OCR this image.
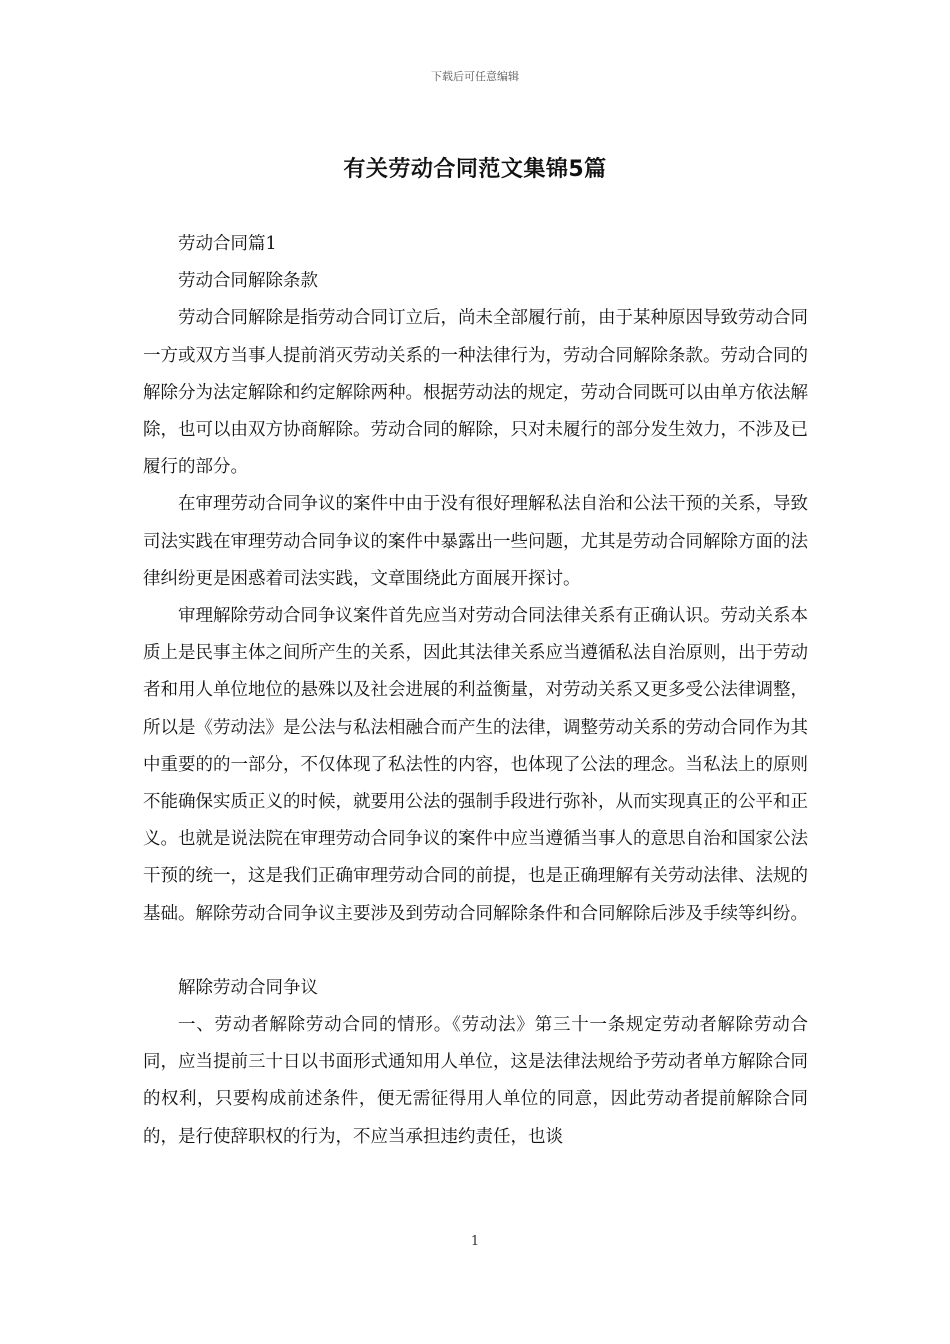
下载后可任意编辑
有关劳动合同范文集锦5篇

劳动合同篇1

劳动合同解除条款

劳动合同解除是指劳动合同订立后，尚未全部履行前，由于某种原因导致劳动合同一方或双方当事人提前消灭劳动关系的一种法律行为，劳动合同解除条款。劳动合同的解除分为法定解除和约定解除两种。根据劳动法的规定，劳动合同既可以由单方依法解除，也可以由双方协商解除。劳动合同的解除，只对未履行的部分发生效力，不涉及已履行的部分。

在审理劳动合同争议的案件中由于没有很好理解私法自治和公法干预的关系，导致司法实践在审理劳动合同争议的案件中暴露出一些问题，尤其是劳动合同解除方面的法律纠纷更是困惑着司法实践，文章围绕此方面展开探讨。

审理解除劳动合同争议案件首先应当对劳动合同法律关系有正确认识。劳动关系本质上是民事主体之间所产生的关系，因此其法律关系应当遵循私法自治原则，出于劳动者和用人单位地位的悬殊以及社会进展的利益衡量，对劳动关系又更多受公法律调整，所以是《劳动法》是公法与私法相融合而产生的法律，调整劳动关系的劳动合同作为其中重要的的一部分，不仅体现了私法性的内容，也体现了公法的理念。当私法上的原则不能确保实质正义的时候，就要用公法的强制手段进行弥补，从而实现真正的公平和正义。也就是说法院在审理劳动合同争议的案件中应当遵循当事人的意思自治和国家公法干预的统一，这是我们正确审理劳动合同的前提，也是正确理解有关劳动法律、法规的基础。解除劳动合同争议主要涉及到劳动合同解除条件和合同解除后涉及手续等纠纷。

解除劳动合同争议

一、劳动者解除劳动合同的情形。《劳动法》第三十一条规定劳动者解除劳动合同，应当提前三十日以书面形式通知用人单位，这是法律法规给予劳动者单方解除合同的权利，只要构成前述条件，便无需征得用人单位的同意，因此劳动者提前解除合同的，是行使辞职权的行为，不应当承担违约责任，也谈

1
